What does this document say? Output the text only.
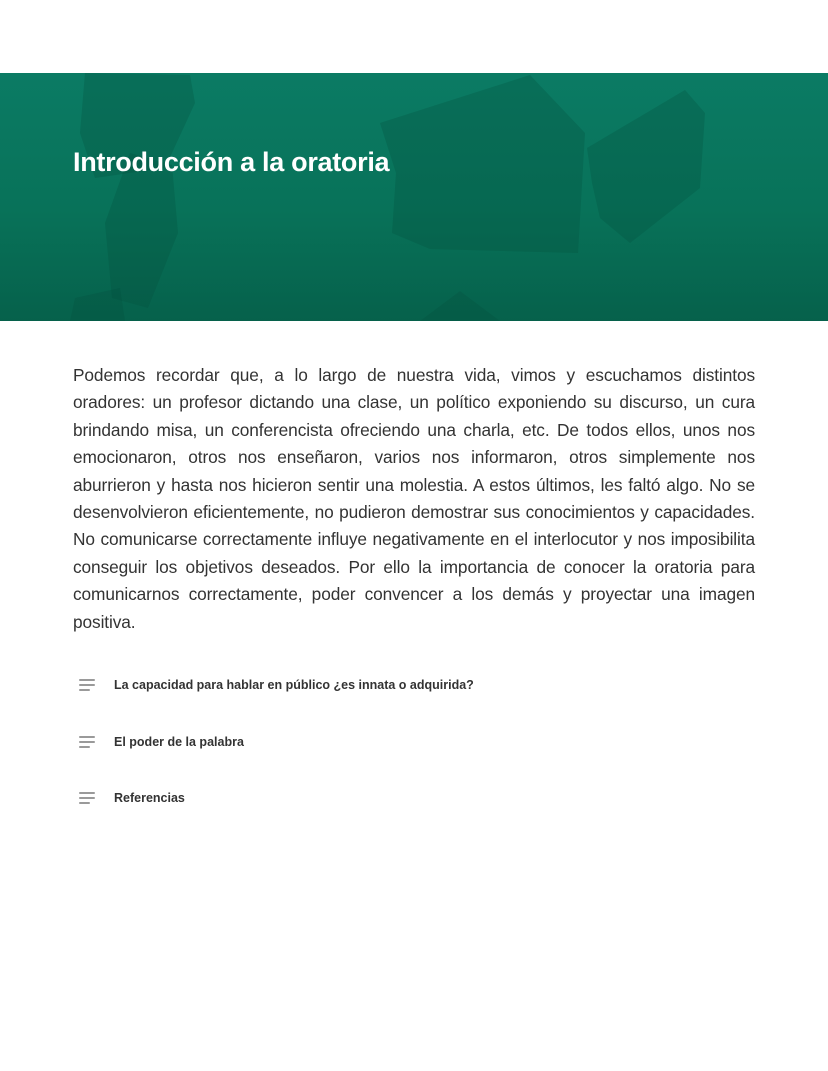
Introducción a la oratoria

Podemos recordar que, a lo largo de nuestra vida, vimos y escuchamos distintos oradores: un profesor dictando una clase, un político exponiendo su discurso, un cura brindando misa, un conferencista ofreciendo una charla, etc. De todos ellos, unos nos emocionaron, otros nos enseñaron, varios nos informaron, otros simplemente nos aburrieron y hasta nos hicieron sentir una molestia. A estos últimos, les faltó algo. No se desenvolvieron eficientemente, no pudieron demostrar sus conocimientos y capacidades. No comunicarse correctamente influye negativamente en el interlocutor y nos imposibilita conseguir los objetivos deseados. Por ello la importancia de conocer la oratoria para comunicarnos correctamente, poder convencer a los demás y proyectar una imagen positiva.

La capacidad para hablar en público ¿es innata o adquirida?
El poder de la palabra
Referencias
